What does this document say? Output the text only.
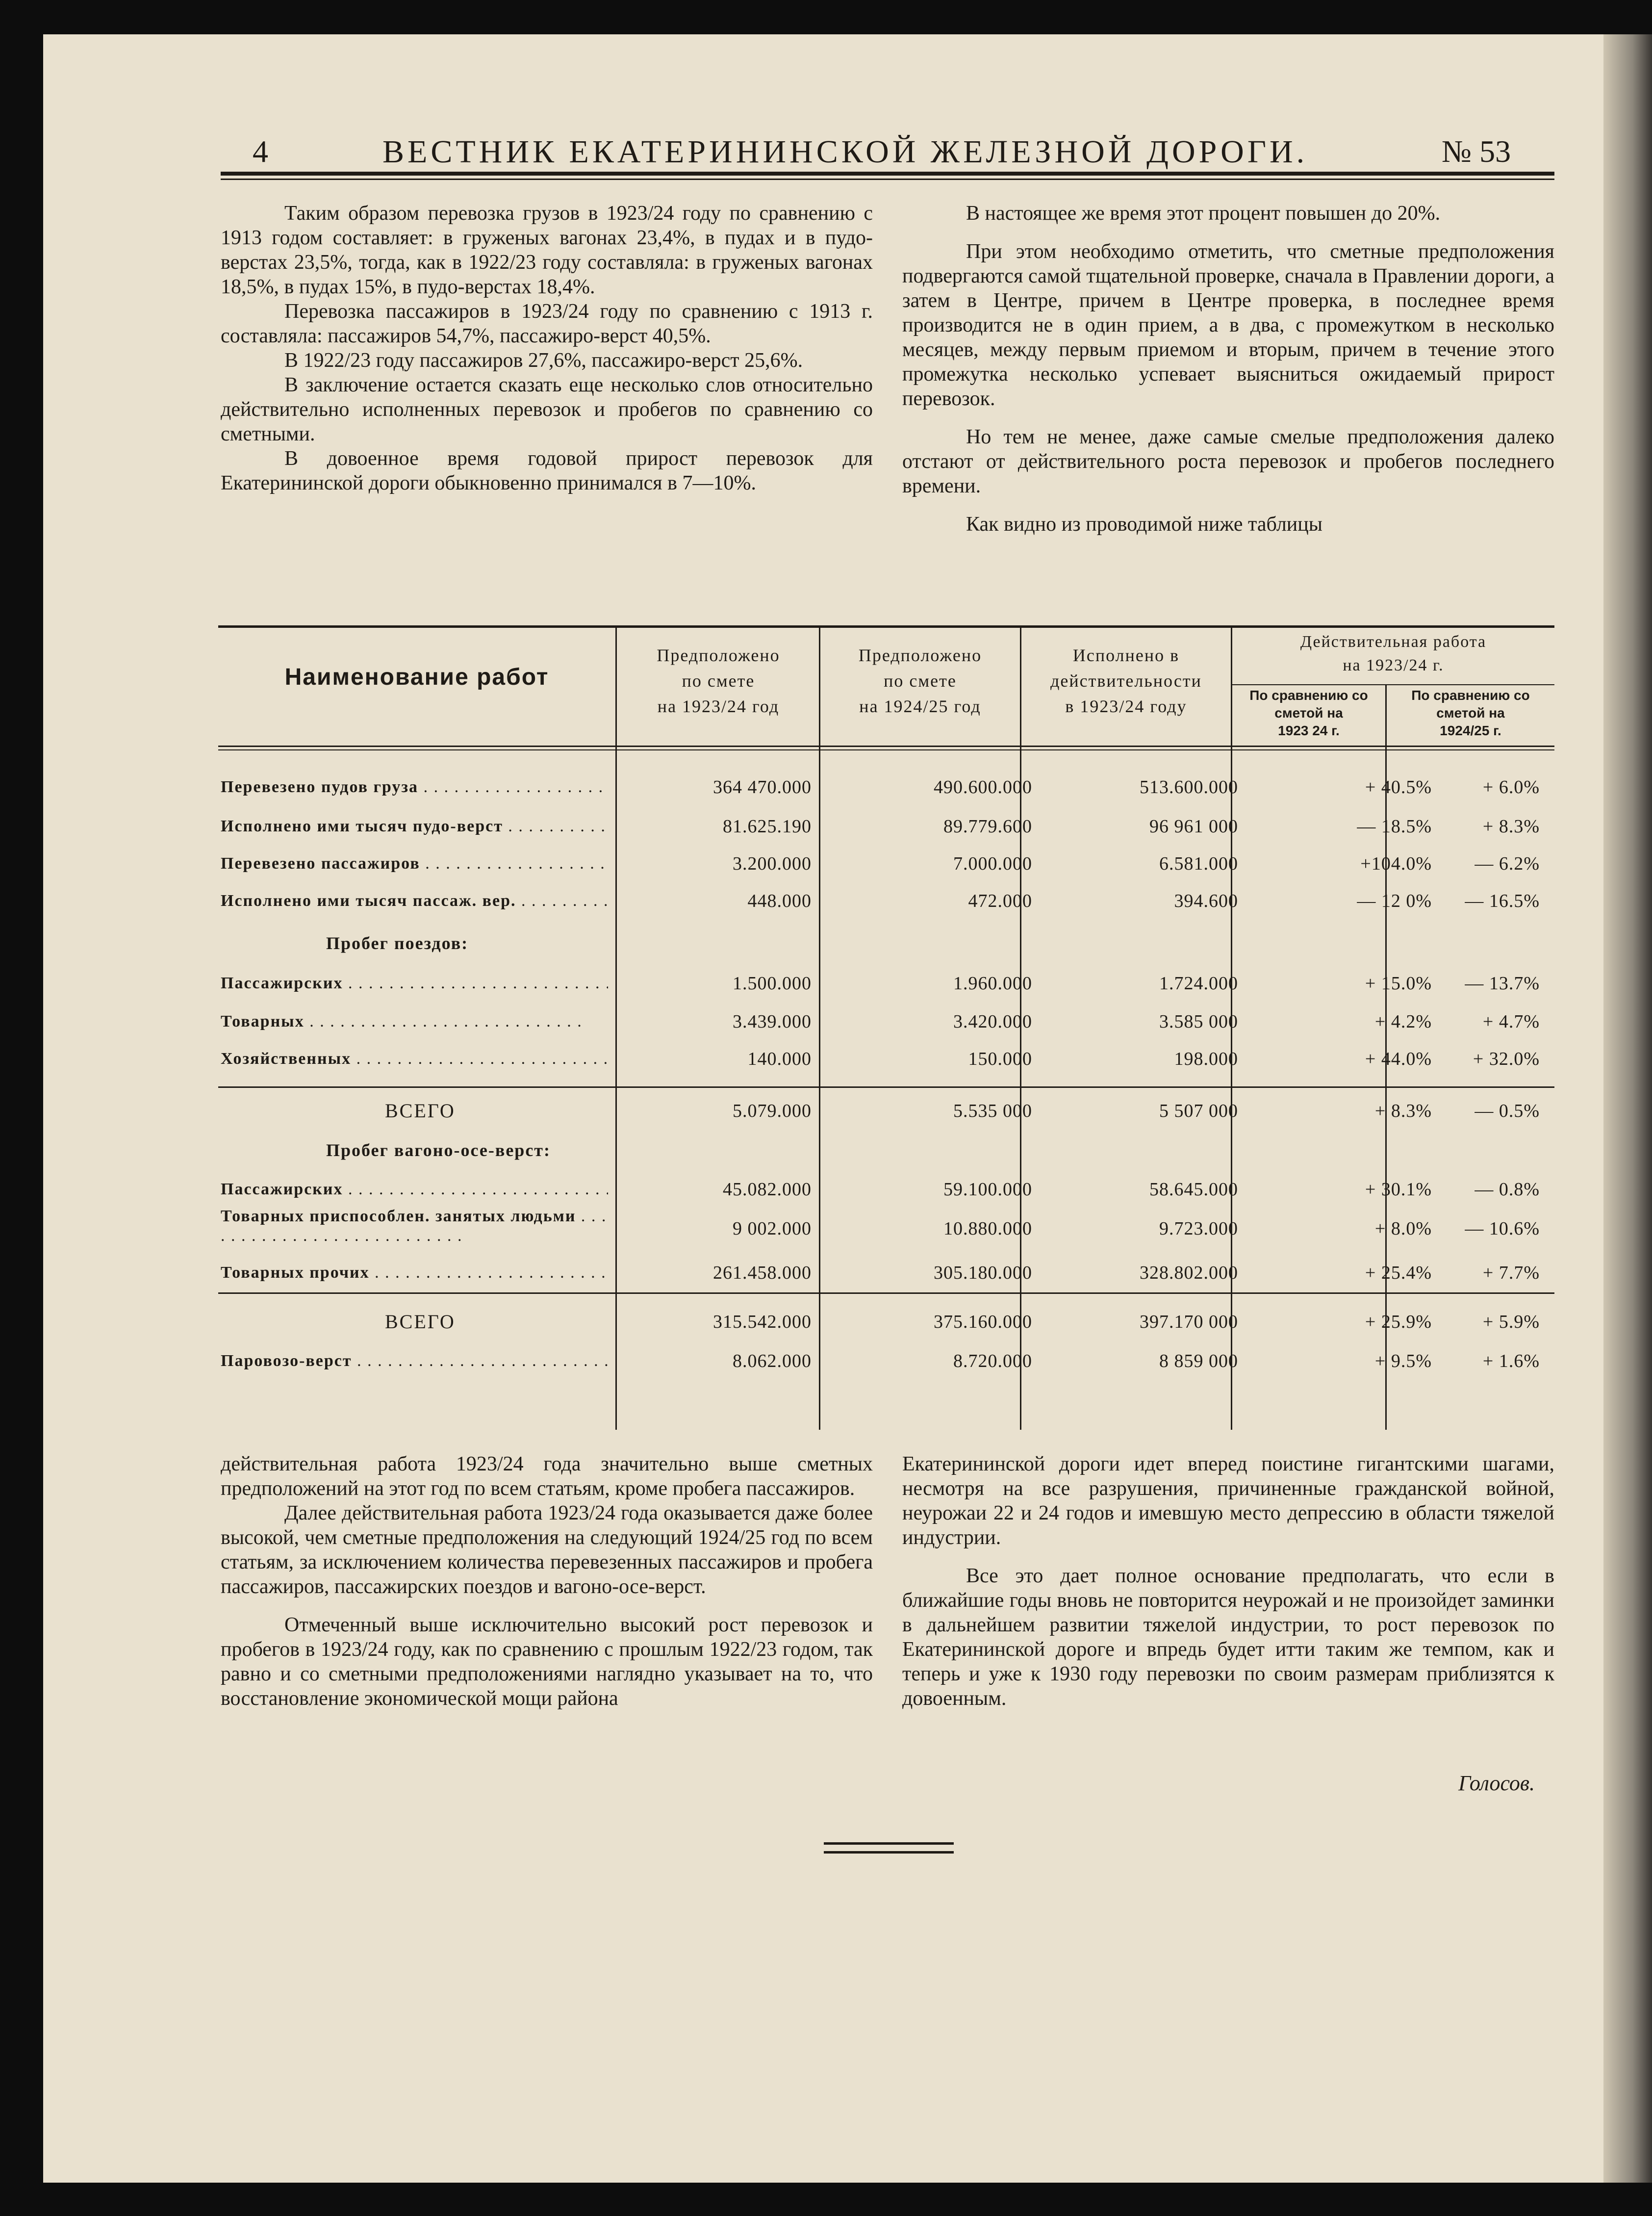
4	ВЕСТНИК ЕКАТЕРИНИНСКОЙ ЖЕЛЕЗНОЙ ДОРОГИ.	№ 53

Таким образом перевозка грузов в 1923/24 году по сравнению с 1913 годом составляет: в груженых вагонах 23,4%, в пудах и в пудо-верстах 23,5%, тогда, как в 1922/23 году составляла: в груженых вагонах 18,5%, в пудах 15%, в пудо-верстах 18,4%.

Перевозка пассажиров в 1923/24 году по сравнению с 1913 г. составляла: пассажиров 54,7%, пассажиро-верст 40,5%.

В 1922/23 году пассажиров 27,6%, пассажиро-верст 25,6%.

В заключение остается сказать еще несколько слов относительно действительно исполненных перевозок и пробегов по сравнению со сметными.

В довоенное время годовой прирост перевозок для Екатерининской дороги обыкновенно принимался в 7—10%.

В настоящее же время этот процент повышен до 20%.

При этом необходимо отметить, что сметные предположения подвергаются самой тщательной проверке, сначала в Правлении дороги, а затем в Центре, причем в Центре проверка, в последнее время производится не в один прием, а в два, с промежутком в несколько месяцев, между первым приемом и вторым, причем в течение этого промежутка несколько успевает выясниться ожидаемый прирост перевозок.

Но тем не менее, даже самые смелые предположения далеко отстают от действительного роста перевозок и пробегов последнего времени.

Как видно из проводимой ниже таблицы

Наименование работ
Предположено
по смете
на 1923/24 год
Предположено
по смете
на 1924/25 год
Исполнено в
действительности
в 1923/24 году
Действительная работа
на 1923/24 г.
По сравнению со
сметой на
1923 24 г.
По сравнению со
сметой на
1924/25 г.
Перевезено пудов груза . . .	364 470.000	490.600.000	513.600.000	+ 40.5%	+ 6.0%
Исполнено ими тысяч пудо-верст . . .	81.625.190	89.779.600	96 961 000	— 18.5%	+ 8.3%
Перевезено пассажиров . . .	3.200.000	7.000.000	6.581.000	+104.0%	— 6.2%
Исполнено ими тысяч пассаж. вер. . . .	448.000	472.000	394.600	— 12 0%	— 16.5%
Пробег поездов:
Пассажирских . . .	1.500.000	1.960.000	1.724.000	+ 15.0%	— 13.7%
Товарных . . .	3.439.000	3.420.000	3.585 000	+ 4.2%	+ 4.7%
Хозяйственных . . .	140.000	150.000	198.000	+ 44.0%	+ 32.0%
ВСЕГО	5.079.000	5.535 000	5 507 000	+ 8.3%	— 0.5%
Пробег вагоно-осе-верст:
Пассажирских . . .	45.082.000	59.100.000	58.645.000	+ 30.1%	— 0.8%
Товарных приспособлен. занятых людьми . . .
9 002.000	10.880.000	9.723.000	+ 8.0%	— 10.6%
Товарных прочих . . .	261.458.000	305.180.000	328.802.000	+ 25.4%	+ 7.7%
ВСЕГО	315.542.000	375.160.000	397.170 000	+ 25.9%	+ 5.9%
Паровозо-верст . . .	8.062.000	8.720.000	8 859 000	+ 9.5%	+ 1.6%

действительная работа 1923/24 года значительно выше сметных предположений на этот год по всем статьям, кроме пробега пассажиров.

Далее действительная работа 1923/24 года оказывается даже более высокой, чем сметные предположения на следующий 1924/25 год по всем статьям, за исключением количества перевезенных пассажиров и пробега пассажиров, пассажирских поездов и вагоно-осе-верст.

Отмеченный выше исключительно высокий рост перевозок и пробегов в 1923/24 году, как по сравнению с прошлым 1922/23 годом, так равно и со сметными предположениями наглядно указывает на то, что восстановление экономической мощи района

Екатерининской дороги идет вперед поистине гигантскими шагами, несмотря на все разрушения, причиненные гражданской войной, неурожаи 22 и 24 годов и имевшую место депрессию в области тяжелой индустрии.

Все это дает полное основание предполагать, что если в ближайшие годы вновь не повторится неурожай и не произойдет заминки в дальнейшем развитии тяжелой индустрии, то рост перевозок по Екатерининской дороге и впредь будет итти таким же темпом, как и теперь и уже к 1930 году перевозки по своим размерам приблизятся к довоенным.

Голосов.
